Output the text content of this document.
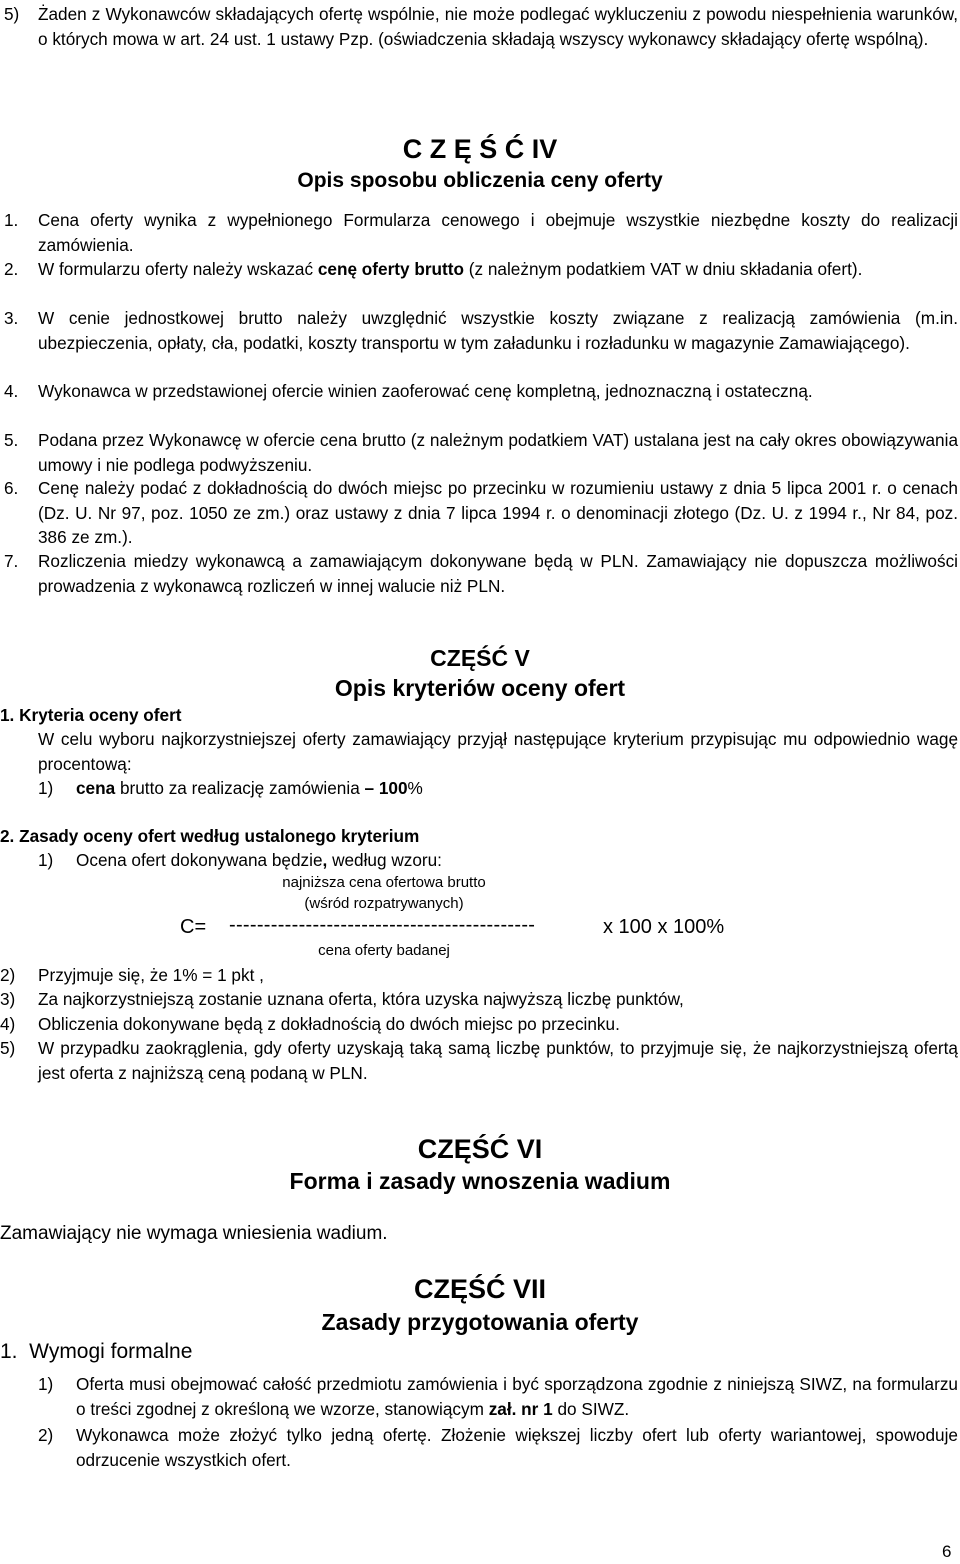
5)	Żaden z Wykonawców składających ofertę wspólnie, nie może podlegać wykluczeniu z powodu niespełnienia warunków, o których mowa w art. 24 ust. 1 ustawy Pzp. (oświadczenia składają wszyscy wykonawcy składający ofertę wspólną).
C Z Ę Ś Ć IV
Opis sposobu obliczenia ceny oferty
1.	Cena oferty wynika z wypełnionego Formularza cenowego i obejmuje wszystkie niezbędne koszty do realizacji zamówienia.
2.	W formularzu oferty należy wskazać cenę oferty brutto (z należnym podatkiem VAT w dniu składania ofert).
3.	W cenie jednostkowej brutto należy uwzględnić wszystkie koszty związane z realizacją zamówienia (m.in. ubezpieczenia, opłaty, cła, podatki, koszty transportu w tym załadunku i rozładunku w magazynie Zamawiającego).
4.	Wykonawca w przedstawionej ofercie winien zaoferować cenę kompletną, jednoznaczną i ostateczną.
5.	Podana przez Wykonawcę w ofercie cena brutto (z należnym podatkiem VAT) ustalana jest na cały okres obowiązywania umowy i nie podlega podwyższeniu.
6.	Cenę należy podać z dokładnością do dwóch miejsc po przecinku w rozumieniu ustawy z dnia 5 lipca 2001 r. o cenach (Dz. U. Nr 97, poz. 1050 ze zm.) oraz ustawy z dnia 7 lipca 1994 r. o denominacji złotego (Dz. U. z 1994 r., Nr 84, poz. 386 ze zm.).
7.	Rozliczenia miedzy wykonawcą a zamawiającym dokonywane będą w PLN. Zamawiający nie dopuszcza możliwości prowadzenia z wykonawcą rozliczeń w innej walucie niż PLN.
CZĘŚĆ V
Opis kryteriów oceny ofert
1. Kryteria oceny ofert
W celu wyboru najkorzystniejszej oferty zamawiający przyjął następujące kryterium przypisując mu odpowiednio wagę procentową:
1)	cena brutto za realizację zamówienia – 100%
2. Zasady oceny ofert według ustalonego kryterium
1)	Ocena ofert dokonywana będzie, według wzoru:
najniższa cena ofertowa brutto
(wśród rozpatrywanych)
C= --------------------------------------------	x 100 x 100%
cena oferty badanej
2)	Przyjmuje się, że 1% = 1 pkt ,
3)	Za najkorzystniejszą zostanie uznana oferta, która uzyska najwyższą liczbę punktów,
4)	Obliczenia dokonywane będą z dokładnością do dwóch miejsc po przecinku.
5)	W przypadku zaokrąglenia, gdy oferty uzyskają taką samą liczbę punktów, to przyjmuje się, że najkorzystniejszą ofertą jest oferta z najniższą ceną podaną w PLN.
CZĘŚĆ VI
Forma i zasady wnoszenia wadium
Zamawiający nie wymaga wniesienia wadium.
CZĘŚĆ VII
Zasady przygotowania oferty
1.  Wymogi formalne
1)	Oferta musi obejmować całość przedmiotu zamówienia i być sporządzona zgodnie z niniejszą SIWZ, na formularzu o treści zgodnej z określoną we wzorze, stanowiącym zał. nr 1 do SIWZ.
2)	Wykonawca może złożyć tylko jedną ofertę. Złożenie większej liczby ofert lub oferty wariantowej, spowoduje odrzucenie wszystkich ofert.
6
